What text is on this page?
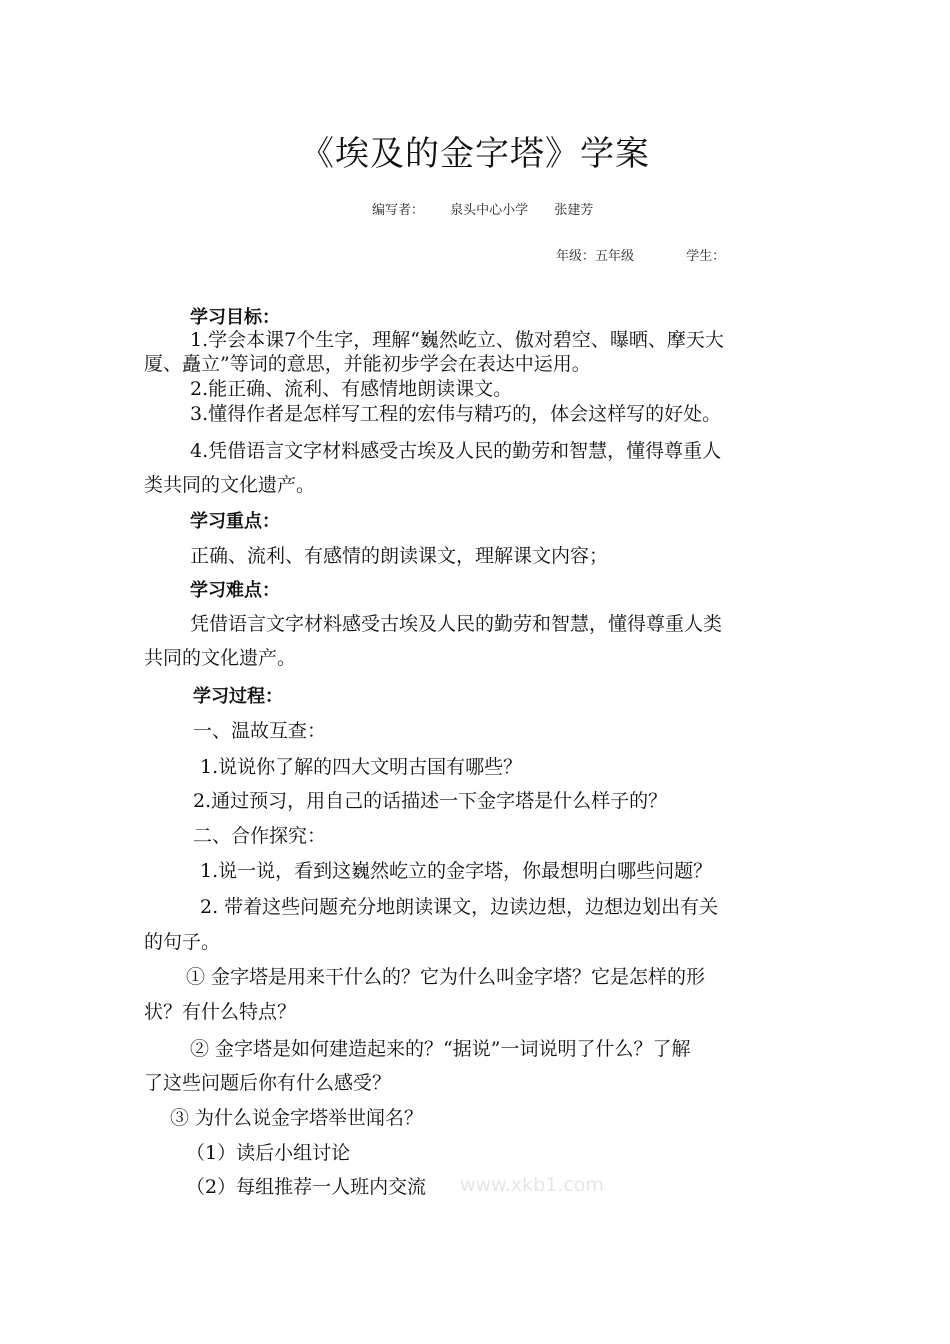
《埃及的金字塔》学案
编写者： 泉头中心小学 张建芳
年级：五年级	学生：
学习目标：
1.学会本课7个生字，理解“巍然屹立、傲对碧空、曝晒、摩天大
厦、矗立”等词的意思，并能初步学会在表达中运用。
2.能正确、流利、有感情地朗读课文。
3.懂得作者是怎样写工程的宏伟与精巧的，体会这样写的好处。
4.凭借语言文字材料感受古埃及人民的勤劳和智慧，懂得尊重人
类共同的文化遗产。
学习重点：
正确、流利、有感情的朗读课文，理解课文内容；
学习难点：
凭借语言文字材料感受古埃及人民的勤劳和智慧，懂得尊重人类
共同的文化遗产。
学习过程：
一、温故互查：
1.说说你了解的四大文明古国有哪些？
2.通过预习，用自己的话描述一下金字塔是什么样子的？
二、合作探究：
1.说一说，看到这巍然屹立的金字塔，你最想明白哪些问题？
2. 带着这些问题充分地朗读课文，边读边想，边想边划出有关
的句子。
① 金字塔是用来干什么的？它为什么叫金字塔？它是怎样的形
状？有什么特点？
② 金字塔是如何建造起来的？“据说”一词说明了什么？了解
了这些问题后你有什么感受？
③ 为什么说金字塔举世闻名？
（1）读后小组讨论
（2）每组推荐一人班内交流 www.xkb1.com
